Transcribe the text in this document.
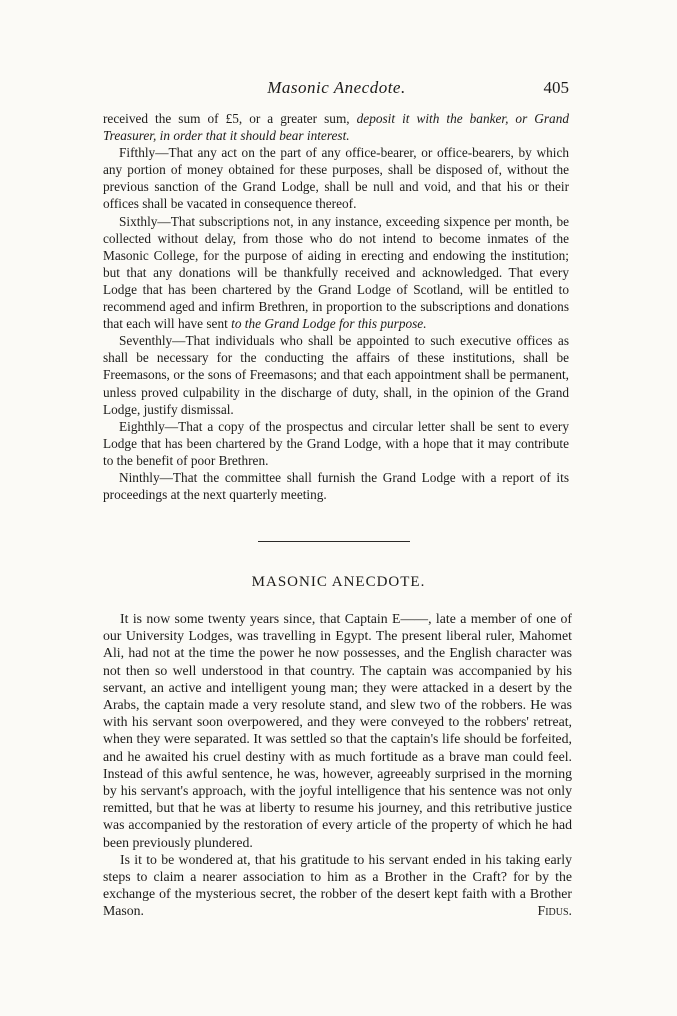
Masonic Anecdote.	405

received the sum of £5, or a greater sum, deposit it with the banker, or Grand Treasurer, in order that it should bear interest.

Fifthly—That any act on the part of any office-bearer, or office-bearers, by which any portion of money obtained for these purposes, shall be disposed of, without the previous sanction of the Grand Lodge, shall be null and void, and that his or their offices shall be vacated in consequence thereof.

Sixthly—That subscriptions not, in any instance, exceeding sixpence per month, be collected without delay, from those who do not intend to become inmates of the Masonic College, for the purpose of aiding in erecting and endowing the institution; but that any donations will be thankfully received and acknowledged. That every Lodge that has been chartered by the Grand Lodge of Scotland, will be entitled to recommend aged and infirm Brethren, in proportion to the subscriptions and donations that each will have sent to the Grand Lodge for this purpose.

Seventhly—That individuals who shall be appointed to such executive offices as shall be necessary for the conducting the affairs of these institutions, shall be Freemasons, or the sons of Freemasons; and that each appointment shall be permanent, unless proved culpability in the discharge of duty, shall, in the opinion of the Grand Lodge, justify dismissal.

Eighthly—That a copy of the prospectus and circular letter shall be sent to every Lodge that has been chartered by the Grand Lodge, with a hope that it may contribute to the benefit of poor Brethren.

Ninthly—That the committee shall furnish the Grand Lodge with a report of its proceedings at the next quarterly meeting.

MASONIC ANECDOTE.

It is now some twenty years since, that Captain E——, late a member of one of our University Lodges, was travelling in Egypt. The present liberal ruler, Mahomet Ali, had not at the time the power he now possesses, and the English character was not then so well understood in that country. The captain was accompanied by his servant, an active and intelligent young man; they were attacked in a desert by the Arabs, the captain made a very resolute stand, and slew two of the robbers. He was with his servant soon overpowered, and they were conveyed to the robbers' retreat, when they were separated. It was settled so that the captain's life should be forfeited, and he awaited his cruel destiny with as much fortitude as a brave man could feel. Instead of this awful sentence, he was, however, agreeably surprised in the morning by his servant's approach, with the joyful intelligence that his sentence was not only remitted, but that he was at liberty to resume his journey, and this retributive justice was accompanied by the restoration of every article of the property of which he had been previously plundered.

Is it to be wondered at, that his gratitude to his servant ended in his taking early steps to claim a nearer association to him as a Brother in the Craft? for by the exchange of the mysterious secret, the robber of the desert kept faith with a Brother Mason.	Fidus.
